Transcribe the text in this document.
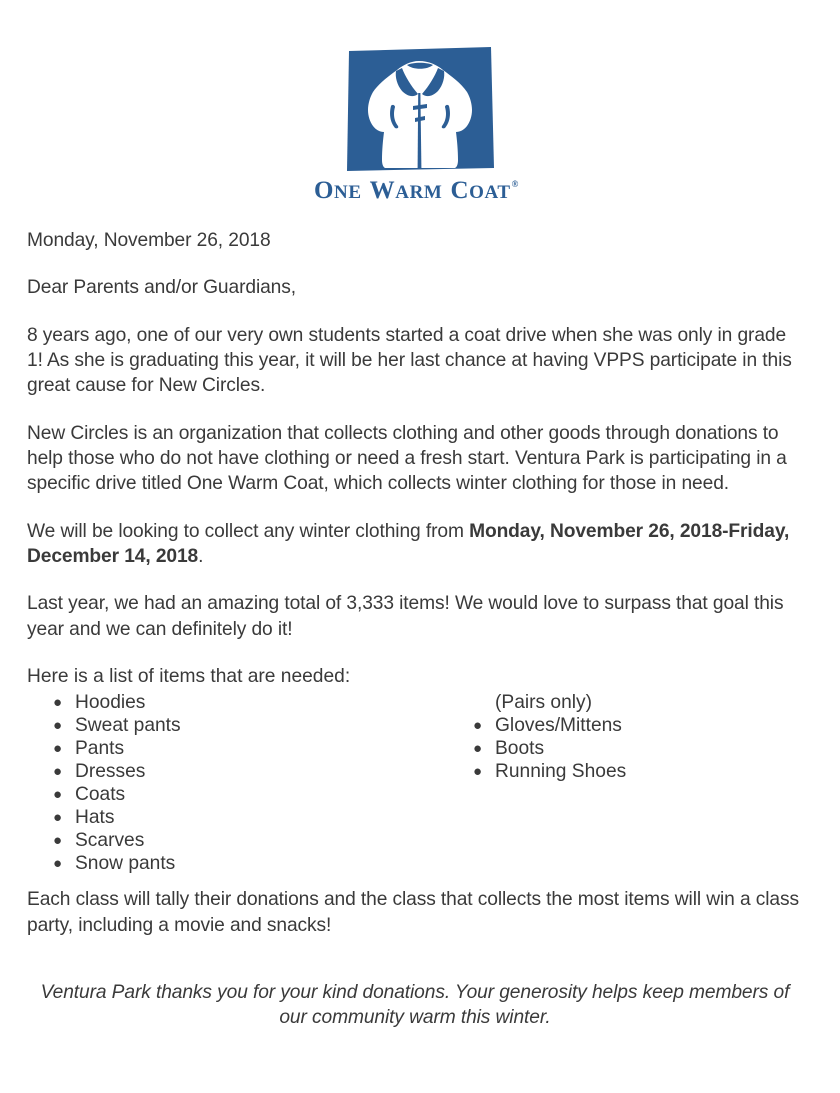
O NE W ARM C OAT ®

Monday, November 26, 2018

Dear Parents and/or Guardians,

8 years ago, one of our very own students started a coat drive when she was only in grade 1! As she is graduating this year, it will be her last chance at having VPPS participate in this great cause for New Circles.

New Circles is an organization that collects clothing and other goods through donations to help those who do not have clothing or need a fresh start. Ventura Park is participating in a specific drive titled One Warm Coat, which collects winter clothing for those in need.

We will be looking to collect any winter clothing from Monday, November 26, 2018-Friday, December 14, 2018.

Last year, we had an amazing total of 3,333 items! We would love to surpass that goal this year and we can definitely do it!

Here is a list of items that are needed:

● Hoodies
● Sweat pants
● Pants
● Dresses
● Coats
● Hats
● Scarves
● Snow pants
(Pairs only)
● Gloves/Mittens
● Boots
● Running Shoes

Each class will tally their donations and the class that collects the most items will win a class party, including a movie and snacks!

Ventura Park thanks you for your kind donations. Your generosity helps keep members of our community warm this winter.
